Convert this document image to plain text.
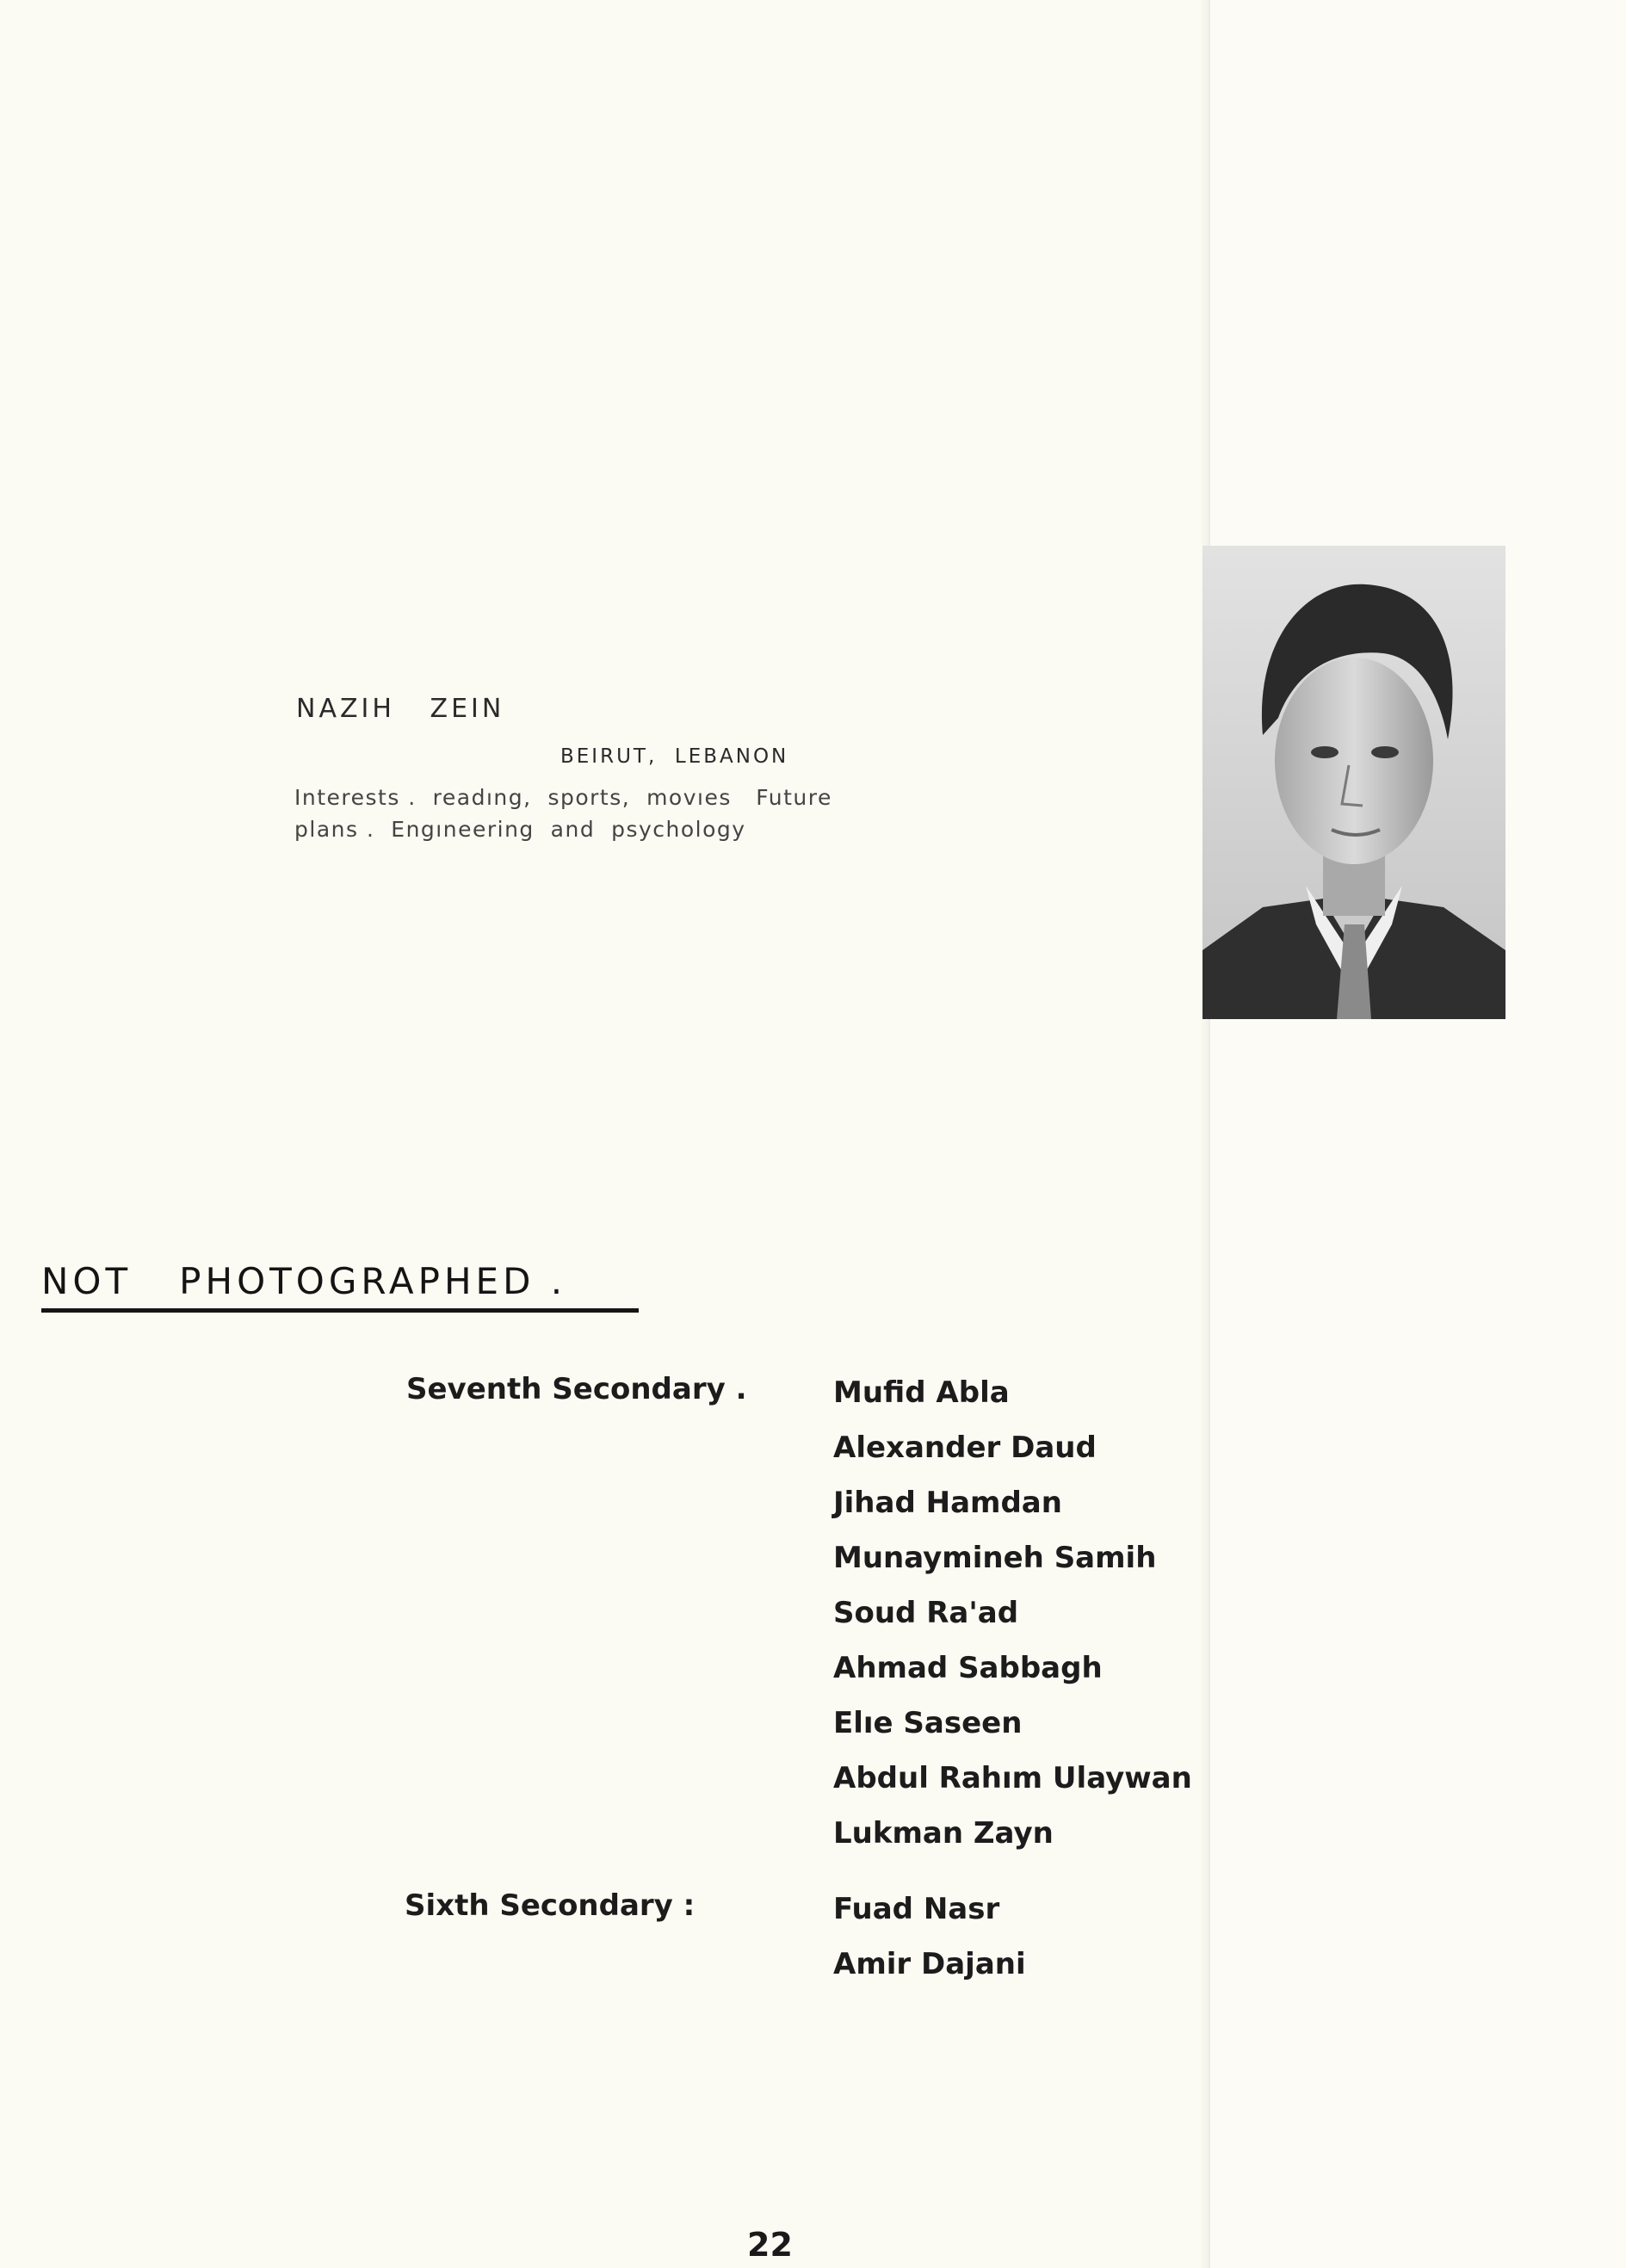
NAZIH   ZEIN
BEIRUT,  LEBANON
Interests .  readıng,  sports,  movıes   Future
plans .  Engıneering  and  psychology
NOT   PHOTOGRAPHED .
Seventh Secondary .	Mufid Abla
Alexander Daud
Jihad Hamdan
Munaymineh Samih
Soud Ra'ad
Ahmad Sabbagh
Elıe Saseen
Abdul Rahım Ulaywan
Lukman Zayn
Sixth Secondary :	Fuad Nasr
Amir Dajani
22
